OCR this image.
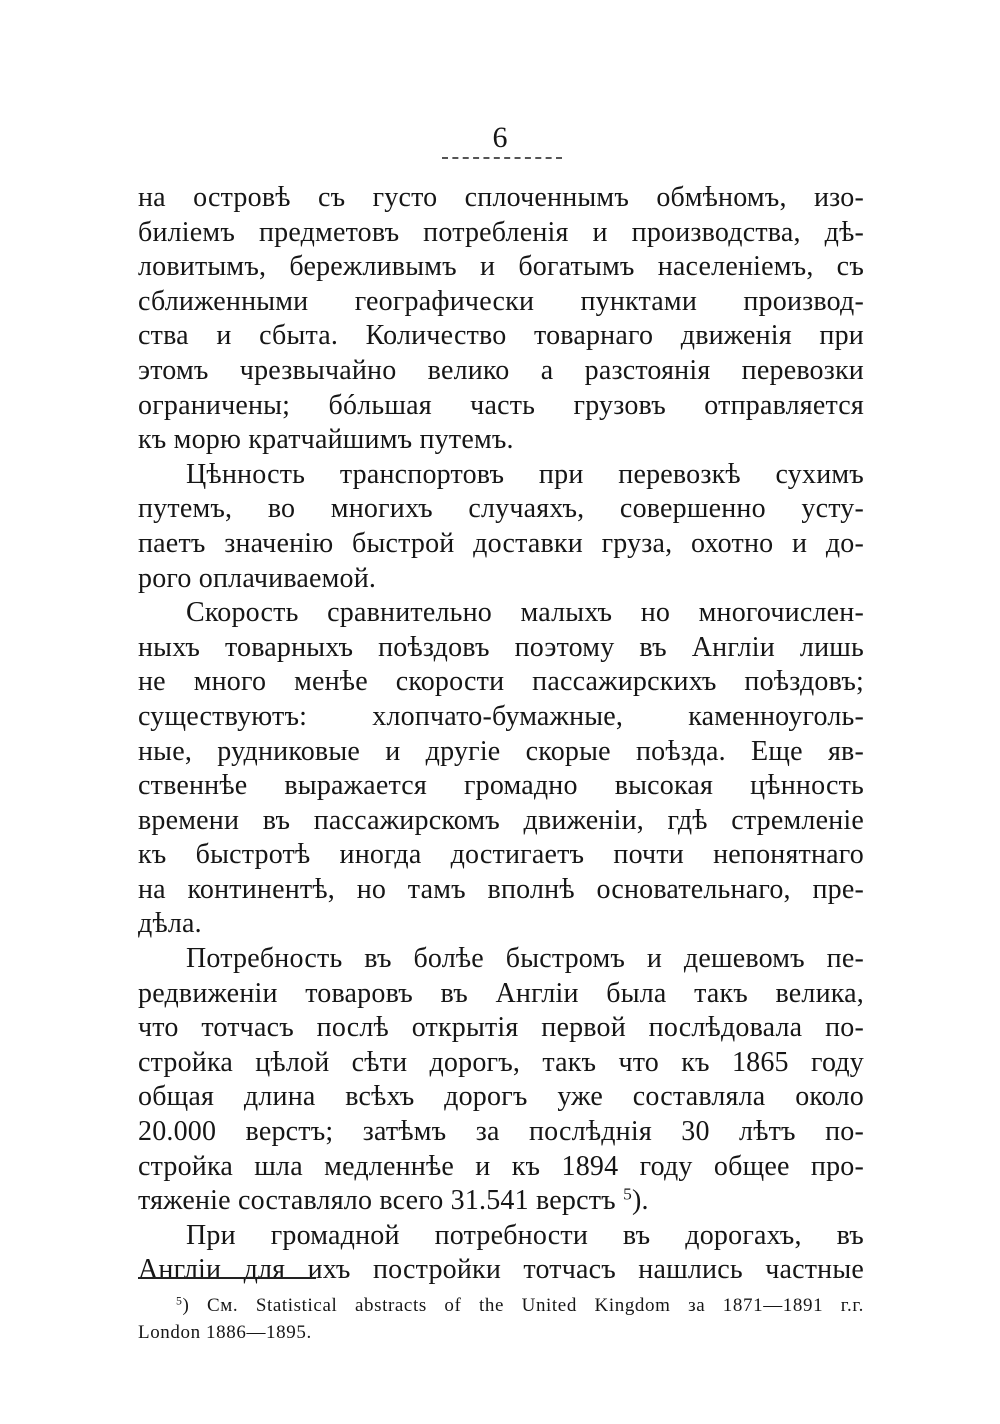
6
на островѣ съ густо сплоченнымъ обмѣномъ, изо-
биліемъ предметовъ потребленія и производства, дѣ-
ловитымъ, бережливымъ и богатымъ населеніемъ, съ
сближенными географически пунктами производ-
ства и сбыта. Количество товарнаго движенія при
этомъ чрезвычайно велико а разстоянія перевозки
ограничены; бóльшая часть грузовъ отправляется
къ морю кратчайшимъ путемъ.
Цѣнность транспортовъ при перевозкѣ сухимъ
путемъ, во многихъ случаяхъ, совершенно усту-
паетъ значенію быстрой доставки груза, охотно и до-
рого оплачиваемой.
Скорость сравнительно малыхъ но многочислен-
ныхъ товарныхъ поѣздовъ поэтому въ Англіи лишь
не много менѣе скорости пассажирскихъ поѣздовъ;
существуютъ: хлопчато-бумажные, каменноуголь-
ные, рудниковые и другіе скорые поѣзда. Еще яв-
ственнѣе выражается громадно высокая цѣнность
времени въ пассажирскомъ движеніи, гдѣ стремленіе
къ быстротѣ иногда достигаетъ почти непонятнаго
на континентѣ, но тамъ вполнѣ основательнаго, пре-
дѣла.
Потребность въ болѣе быстромъ и дешевомъ пе-
редвиженіи товаровъ въ Англіи была такъ велика,
что тотчасъ послѣ открытія первой послѣдовала по-
стройка цѣлой сѣти дорогъ, такъ что къ 1865 году
общая длина всѣхъ дорогъ уже составляла около
20.000 верстъ; затѣмъ за послѣднія 30 лѣтъ по-
стройка шла медленнѣе и къ 1894 году общее про-
тяженіе составляло всего 31.541 верстъ $^5$).
При громадной потребности въ дорогахъ, въ
Англіи для ихъ постройки тотчасъ нашлись частные
$^5$) См. Statistical abstracts of the United Kingdom за 1871—1891 г.г.
London 1886—1895.
